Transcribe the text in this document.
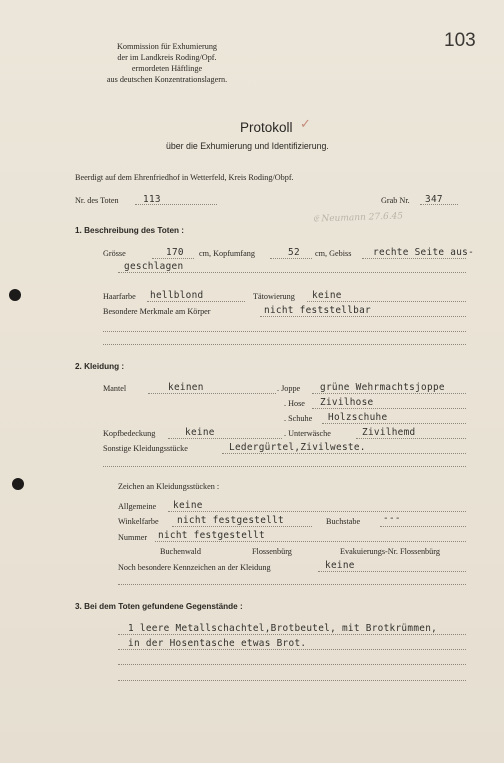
Kommission für Exhumierung
der im Landkreis Roding/Opf.
ermordeten Häftlinge
aus deutschen Konzentrationslagern.
103
Protokoll ✓
über die Exhumierung und Identifizierung.
Beerdigt auf dem Ehrenfriedhof in Wetterfeld, Kreis Roding/Obpf.
Nr. des Toten	113	Grab Nr. 347
𝔈 Neumann 27.6.45
1. Beschreibung des Toten :
Grösse	170 cm, Kopfumfang	52 cm, Gebiss rechte Seite aus-
geschlagen
Haarfarbe hellblond	Tätowierung keine
Besondere Merkmale am Körper	nicht feststellbar
2. Kleidung :
Mantel	keinen	. Joppe grüne Wehrmachtsjoppe
. Hose Zivilhose
. Schuhe Holzschuhe
Kopfbedeckung	keine	. Unterwäsche	Zivilhemd
Sonstige Kleidungsstücke	Ledergürtel,Zivilweste.
Zeichen an Kleidungsstücken :
Allgemeine keine
Winkelfarbe nicht festgestellt	Buchstabe ---
Nummer nicht festgestellt
Buchenwald	Flossenbürg	Evakuierungs-Nr. Flossenbürg
Noch besondere Kennzeichen an der Kleidung	keine
3. Bei dem Toten gefundene Gegenstände :
1 leere Metallschachtel,Brotbeutel, mit Brotkrümmen,
in der Hosentasche etwas Brot.
